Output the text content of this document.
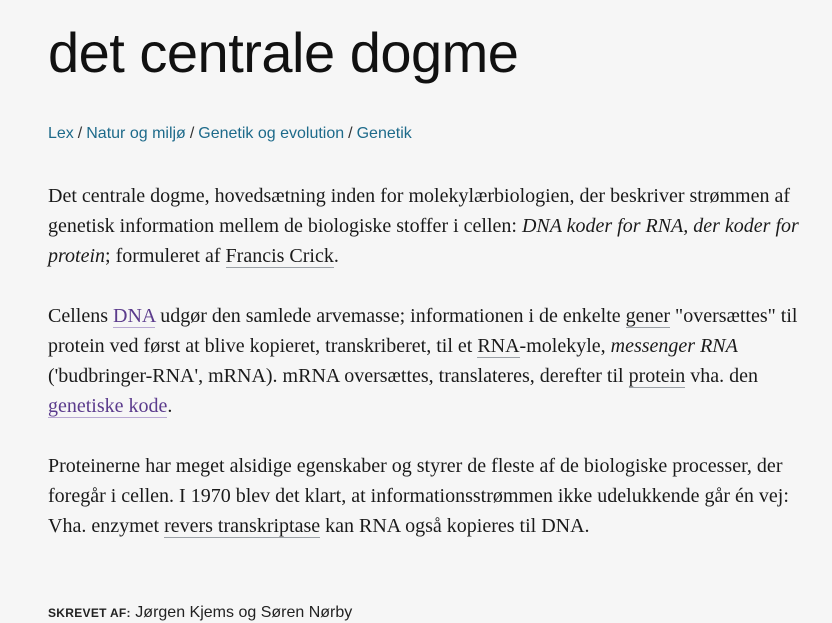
det centrale dogme
Lex / Natur og miljø / Genetik og evolution / Genetik

Det centrale dogme, hovedsætning inden for molekylærbiologien, der beskriver strømmen af genetisk information mellem de biologiske stoffer i cellen: DNA koder for RNA, der koder for protein; formuleret af Francis Crick.

Cellens DNA udgør den samlede arvemasse; informationen i de enkelte gener "oversættes" til protein ved først at blive kopieret, transkriberet, til et RNA-molekyle, messenger RNA ('budbringer-RNA', mRNA). mRNA oversættes, translateres, derefter til protein vha. den genetiske kode.

Proteinerne har meget alsidige egenskaber og styrer de fleste af de biologiske processer, der foregår i cellen. I 1970 blev det klart, at informationsstrømmen ikke udelukkende går én vej: Vha. enzymet revers transkriptase kan RNA også kopieres til DNA.

SKREVET AF: Jørgen Kjems og Søren Nørby
